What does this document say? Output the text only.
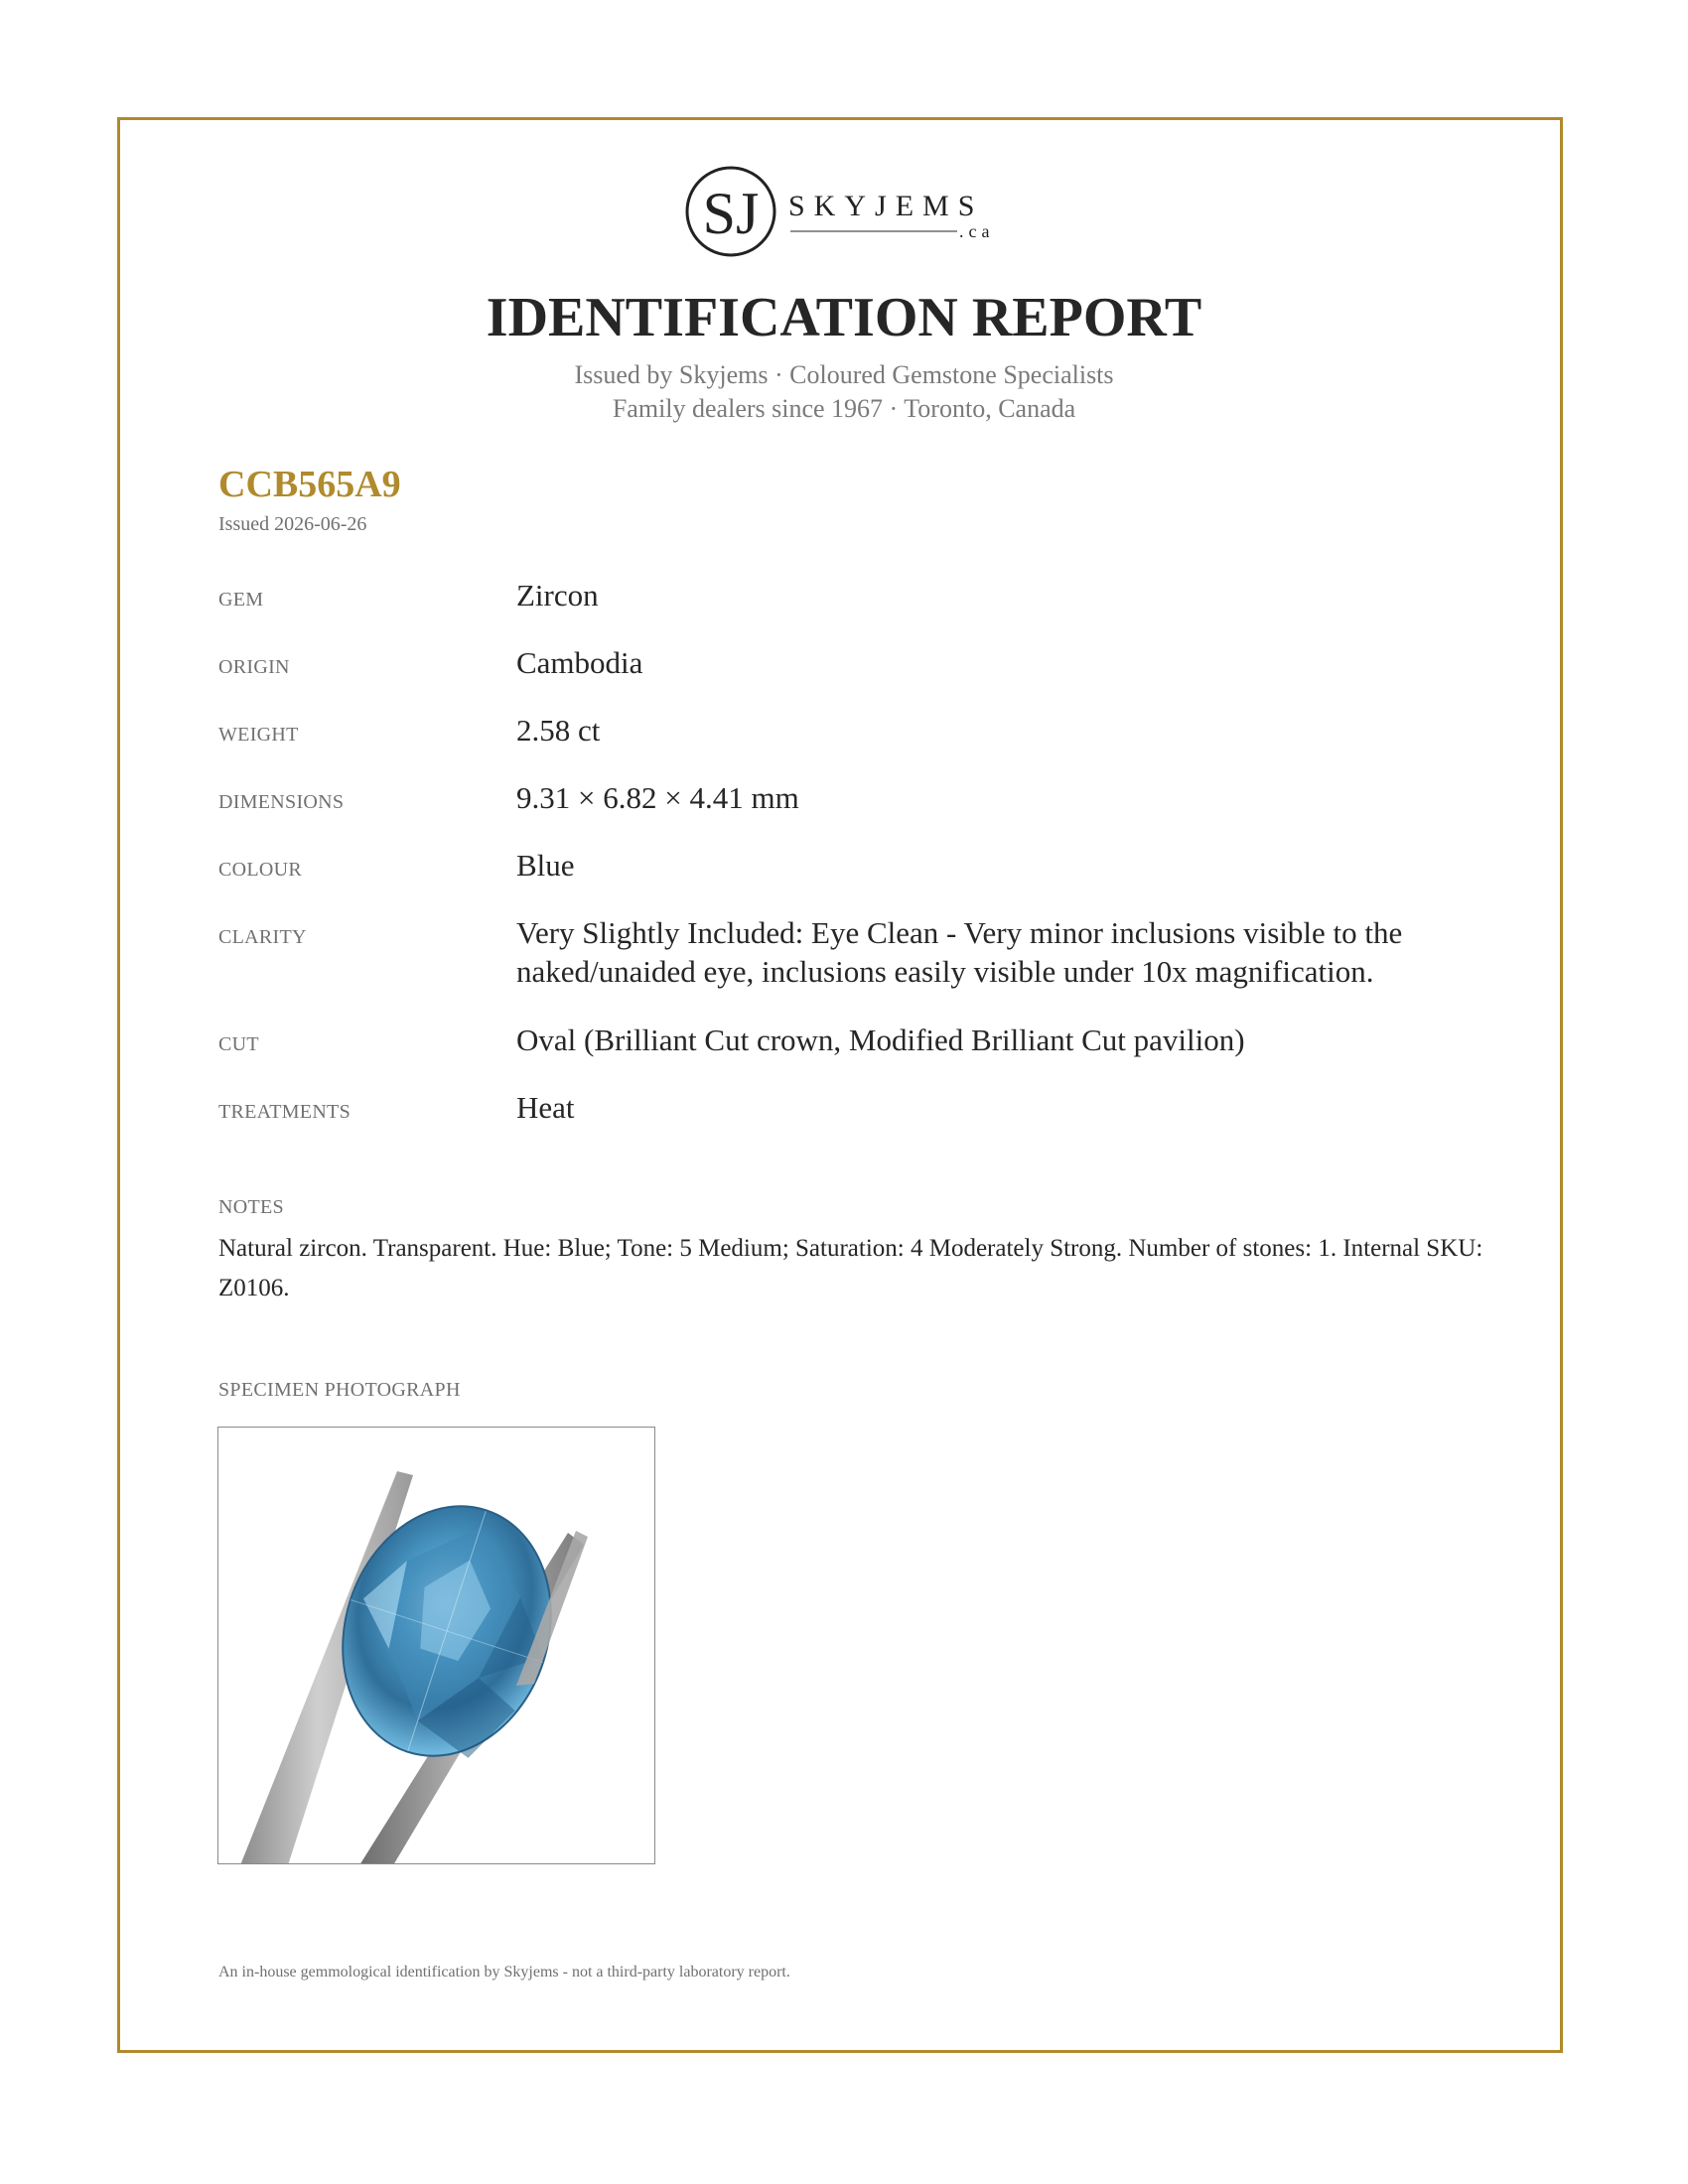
SJ SKYJEMS
.ca
IDENTIFICATION REPORT
Issued by Skyjems · Coloured Gemstone Specialists
Family dealers since 1967 · Toronto, Canada
CCB565A9
Issued 2026-06-26
GEM	Zircon
ORIGIN	Cambodia
WEIGHT	2.58 ct
DIMENSIONS	9.31 × 6.82 × 4.41 mm
COLOUR	Blue
CLARITY	Very Slightly Included: Eye Clean - Very minor inclusions visible to the naked/unaided eye, inclusions easily visible under 10x magnification.
CUT	Oval (Brilliant Cut crown, Modified Brilliant Cut pavilion)
TREATMENTS	Heat
NOTES
Natural zircon. Transparent. Hue: Blue; Tone: 5 Medium; Saturation: 4 Moderately Strong. Number of stones: 1. Internal SKU: Z0106.
SPECIMEN PHOTOGRAPH
An in-house gemmological identification by Skyjems - not a third-party laboratory report.
